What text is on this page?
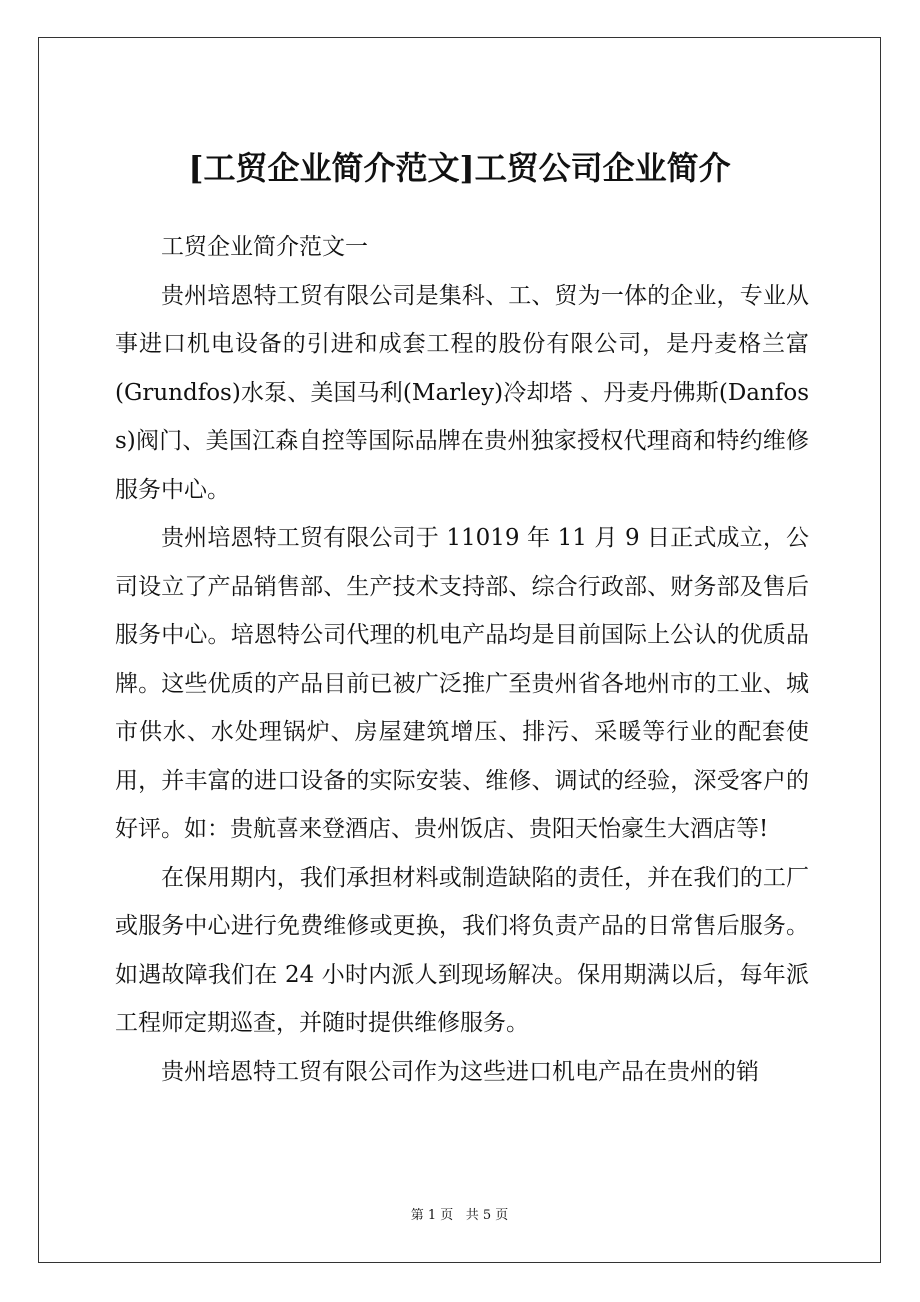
[工贸企业简介范文]工贸公司企业简介

工贸企业简介范文一

贵州培恩特工贸有限公司是集科、工、贸为一体的企业，专业从事进口机电设备的引进和成套工程的股份有限公司，是丹麦格兰富(Grundfos)水泵、美国马利(Marley)冷却塔 、丹麦丹佛斯(Danfoss)阀门、美国江森自控等国际品牌在贵州独家授权代理商和特约维修服务中心。

贵州培恩特工贸有限公司于 11019 年 11 月 9 日正式成立，公司设立了产品销售部、生产技术支持部、综合行政部、财务部及售后服务中心。培恩特公司代理的机电产品均是目前国际上公认的优质品牌。这些优质的产品目前已被广泛推广至贵州省各地州市的工业、城市供水、水处理锅炉、房屋建筑增压、排污、采暖等行业的配套使用，并丰富的进口设备的实际安装、维修、调试的经验，深受客户的好评。如：贵航喜来登酒店、贵州饭店、贵阳天怡豪生大酒店等!

在保用期内，我们承担材料或制造缺陷的责任，并在我们的工厂或服务中心进行免费维修或更换，我们将负责产品的日常售后服务。如遇故障我们在 24 小时内派人到现场解决。保用期满以后，每年派工程师定期巡查，并随时提供维修服务。

贵州培恩特工贸有限公司作为这些进口机电产品在贵州的销

第 1 页   共 5 页
